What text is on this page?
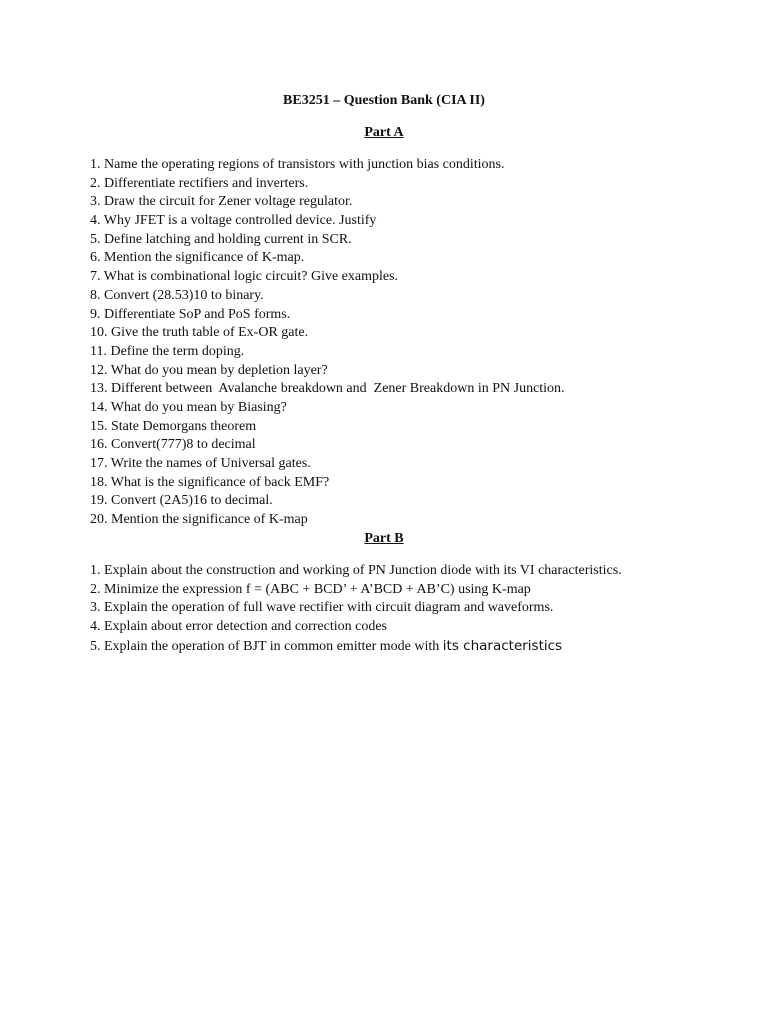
BE3251 – Question Bank (CIA II)
Part A
1. Name the operating regions of transistors with junction bias conditions.
2. Differentiate rectifiers and inverters.
3. Draw the circuit for Zener voltage regulator.
4. Why JFET is a voltage controlled device. Justify
5. Define latching and holding current in SCR.
6. Mention the significance of K-map.
7. What is combinational logic circuit? Give examples.
8. Convert (28.53)10 to binary.
9. Differentiate SoP and PoS forms.
10. Give the truth table of Ex-OR gate.
11. Define the term doping.
12. What do you mean by depletion layer?
13. Different between  Avalanche breakdown and  Zener Breakdown in PN Junction.
14. What do you mean by Biasing?
15. State Demorgans theorem
16. Convert(777)8 to decimal
17. Write the names of Universal gates.
18. What is the significance of back EMF?
19. Convert (2A5)16 to decimal.
20. Mention the significance of K-map
Part B
1. Explain about the construction and working of PN Junction diode with its VI characteristics.
2. Minimize the expression f = (ABC + BCD’ + A’BCD + AB’C) using K-map
3. Explain the operation of full wave rectifier with circuit diagram and waveforms.
4. Explain about error detection and correction codes
5. Explain the operation of BJT in common emitter mode with its characteristics
